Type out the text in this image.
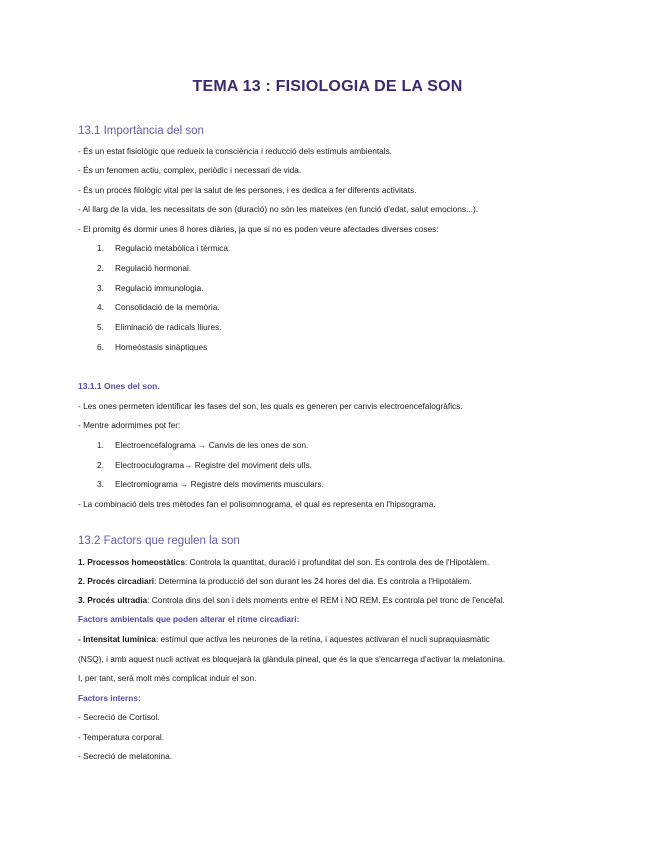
TEMA 13 : FISIOLOGIA DE LA SON
13.1 Importància del son
- És un estat fisiològic que redueix la consciència i reducció dels estímuls ambientals.
- És un fenomen actiu, complex, periòdic i necessari de vida.
- És un procés filològic vital per la salut de les persones, i es dedica a fer diferents activitats.
- Al llarg de la vida, les necessitats de son (duració) no són les mateixes (en funció d'edat, salut emocions...).
- El promitg és dormir unes 8 hores diàries, ja que si no es poden veure afectades diverses coses:
1. Regulació metabòlica i tèrmica.
2. Regulació hormonal.
3. Regulació immunologia.
4. Consolidació de la memòria.
5. Eliminació de radicals lliures.
6. Homeòstasis sinàptiques
13.1.1 Ones del son.
- Les ones permeten identificar les fases del son, les quals es generen per canvis electroencefalogràfics.
- Mentre adormimes pot fer:
1. Electroencefalograma → Canvis de les ones de son.
2. Electrooculograma→ Registre del moviment dels ulls.
3. Electromiograma → Registre dels moviments musculars.
- La combinació dels tres mètodes fan el polisomnograma, el qual es representa en l'hipsograma.
13.2 Factors que regulen la son
1. Processos homeostàtics: Controla la quantitat, duració i profunditat del son. Es controla des de l'Hipotàlem.
2. Procés circadiari: Determina la producció del son durant les 24 hores del dia. Es controla a l'Hipotàlem.
3. Procés ultradia: Controla dins del son i dels moments entre el REM i NO REM. Es controla pel tronc de l'encèfal.
Factors ambientals que poden alterar el ritme circadiari:
- Intensitat lumínica: estímul que activa les neurones de la retina, i aquestes activaran el nucli supraquiasmàtic
(NSQ), i amb aquest nucli activat es bloquejarà la glàndula pineal, que és la que s'encarrega d'activar la melatonina.
I, per tant, serà molt més complicat induir el son.
Factors interns:
- Secreció de Cortisol.
- Temperatura corporal.
- Secreció de melatonina.
